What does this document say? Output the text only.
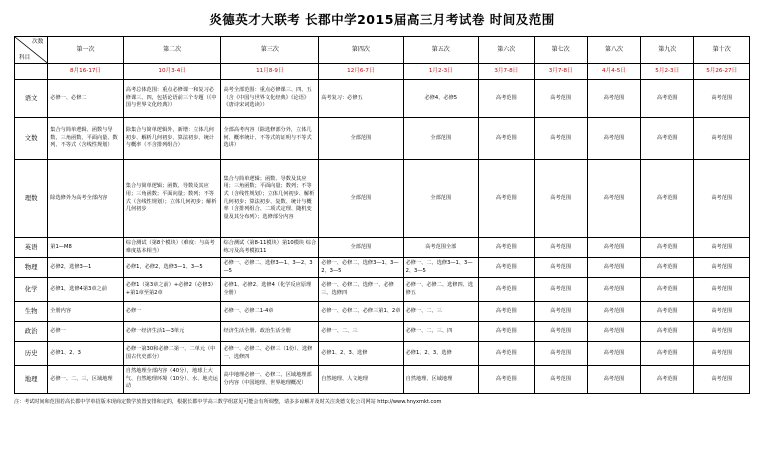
炎德英才大联考 长郡中学2015届高三月考试卷 时间及范围
次数
科目	第一次	第二次	第三次	第四次	第五次	第六次	第七次	第八次	第九次	第十次
	8月16-17日	10月3-4日	11月8-9日	12月6-7日	1月2-3日	3月7-8日	3月7-8日	4月4-5日	5月2-3日	5月26-27日
语文	必修一、必修二	高考总体范围：重点必修课一和复习必修课三、四，包括论语前三个专题（《中国与世界文化经典》）	高考全部范围：重点必修课三、四、五（含《中国与世界文化经典》《论语》《唐诗宋词选读》）	高考复习：必修五	必修4、必修5	高考范围	高考范围	高考范围	高考范围	高考范围
文数	集合与简单逻辑、函数与导数、三角函数、平面向量、数列、不等式（含线性规划）	除集合与简单逻辑外，新增：立体几何初步、解析几何初步、算法初步、统计与概率（不含排列组合）	全部高考内容（除选修部分外，立体几何、概率统计、不等式的证明与不等式选讲）	全部范围	全部范围	高考范围	高考范围	高考范围	高考范围	高考范围
理数	除选修外为高考全部内容	集合与简单逻辑；函数、导数及其应用；三角函数；平面向量；数列；不等式（含线性规划）；立体几何初步；解析几何初步	集合与简单逻辑；函数、导数及其应用；三角函数；平面向量；数列；不等式（含线性规划）；立体几何初步、解析几何初步；算法初步、复数、统计与概率（含排列组合、二项式定理、随机变量及其分布列）；选修部分内容	全部范围	全部范围	高考范围	高考范围	高考范围	高考范围	高考范围
英语	第1—M8	综合测试（第8个模块）（难度：与高考难度基本相当）	综合测试（第8-11模块）第10模块 综合练习及高考模拟11	全部范围	高考范围全部	高考范围	高考范围	高考范围	高考范围	高考范围
物理	必修2，选修3—1	必修1，必修2，选修3—1、3—5	必修一、必修二、选修3—1、3—2、3—5	必修一、必修二、选修3—1、3—2、3—5	必修一、二、选修3—1、3—2、3—5	高考范围	高考范围	高考范围	高考范围	高考范围
化学	必修1，选修4第3章之前	必修1（第3章之前）+必修2（必修3）+第1章至第2章	必修1、必修2、选修4（化学反应原理全册）	必修一、必修二、选修一、必修三、选修四	必修一、必修二、选修四、选修五	高考范围	高考范围	高考范围	高考范围	高考范围
生物	全册内容	必修一	必修一、必修二1-4章	必修一、必修二、必修三第1、2章	必修一、二、三	高考范围	高考范围	高考范围	高考范围	高考范围
政治	必修一	必修一经济生活1—3单元	经济生活全册、政治生活全册	必修一、二、三	必修一、二、三、四	高考范围	高考范围	高考范围	高考范围	高考范围
历史	必修1、2、3	必修一第30和必修二第一、二单元（中国古代史部分）	必修一、必修二、必修三（1份）、选修一、选修四	必修1、2、3、选修	必修1、2、3、选修	高考范围	高考范围	高考范围	高考范围	高考范围
地理	必修一、二、三，区域地理	自然地理全部内容（40分），地球上大气、自然地理环境（10分）、水、地壳运动	高中地理必修一、必修二、区域地理部分内容（中国地理、世界地理概况）	自然地理、人文地理	自然地理、区域地理	高考范围	高考范围	高考范围	高考范围	高考范围
注：考试时间和范围若高长郡中学单招版本现商定数学放置安排和定的，根据长郡中学高三数学组意见可能会有所调整，请多多谅解并及时关注炎德文化公司网站 http://www.hnyxmkt.com
